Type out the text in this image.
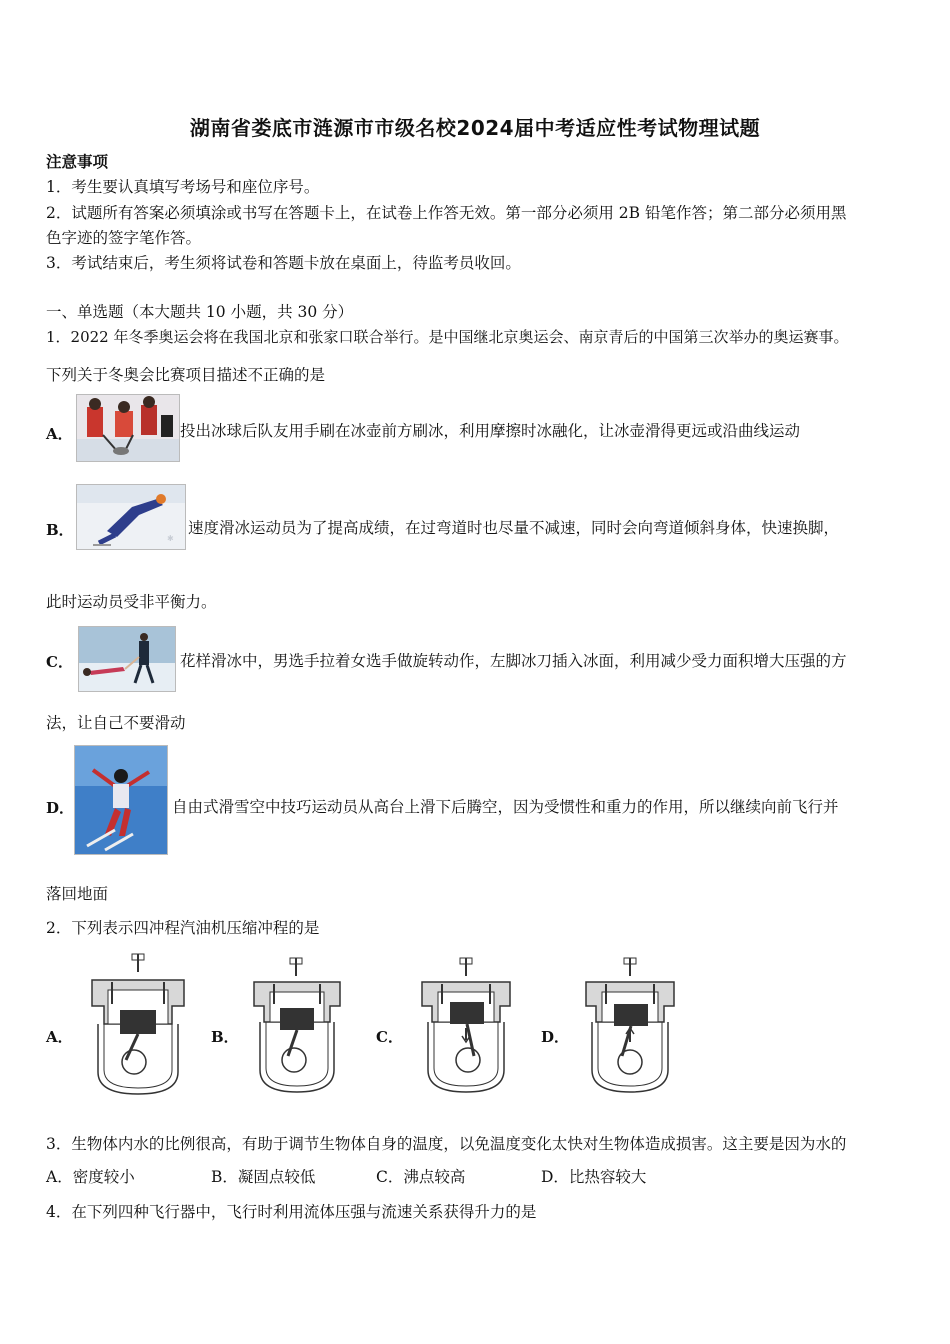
湖南省娄底市涟源市市级名校2024届中考适应性考试物理试题
注意事项
1．考生要认真填写考场号和座位序号。
2．试题所有答案必须填涂或书写在答题卡上，在试卷上作答无效。第一部分必须用 2B 铅笔作答；第二部分必须用黑
色字迹的签字笔作答。
3．考试结束后，考生须将试卷和答题卡放在桌面上，待监考员收回。
一、单选题（本大题共 10 小题，共 30 分）
1．2022 年冬季奥运会将在我国北京和张家口联合举行。是中国继北京奥运会、南京青后的中国第三次举办的奥运赛事。
下列关于冬奥会比赛项目描述不正确的是
A．	投出冰球后队友用手刷在冰壶前方刷冰，利用摩擦时冰融化，让冰壶滑得更远或沿曲线运动
B．	✱
速度滑冰运动员为了提高成绩，在过弯道时也尽量不减速，同时会向弯道倾斜身体，快速换脚，
此时运动员受非平衡力。
C．	花样滑冰中，男选手拉着女选手做旋转动作，左脚冰刀插入冰面，利用减少受力面积增大压强的方
法，让自己不要滑动
D．	自由式滑雪空中技巧运动员从高台上滑下后腾空，因为受惯性和重力的作用，所以继续向前飞行并
落回地面
2．下列表示四冲程汽油机压缩冲程的是
A．	B．	C．	D．
3．生物体内水的比例很高，有助于调节生物体自身的温度，以免温度变化太快对生物体造成损害。这主要是因为水的
A．密度较小	B．凝固点较低	C．沸点较高	D．比热容较大
4．在下列四种飞行器中，飞行时利用流体压强与流速关系获得升力的是
